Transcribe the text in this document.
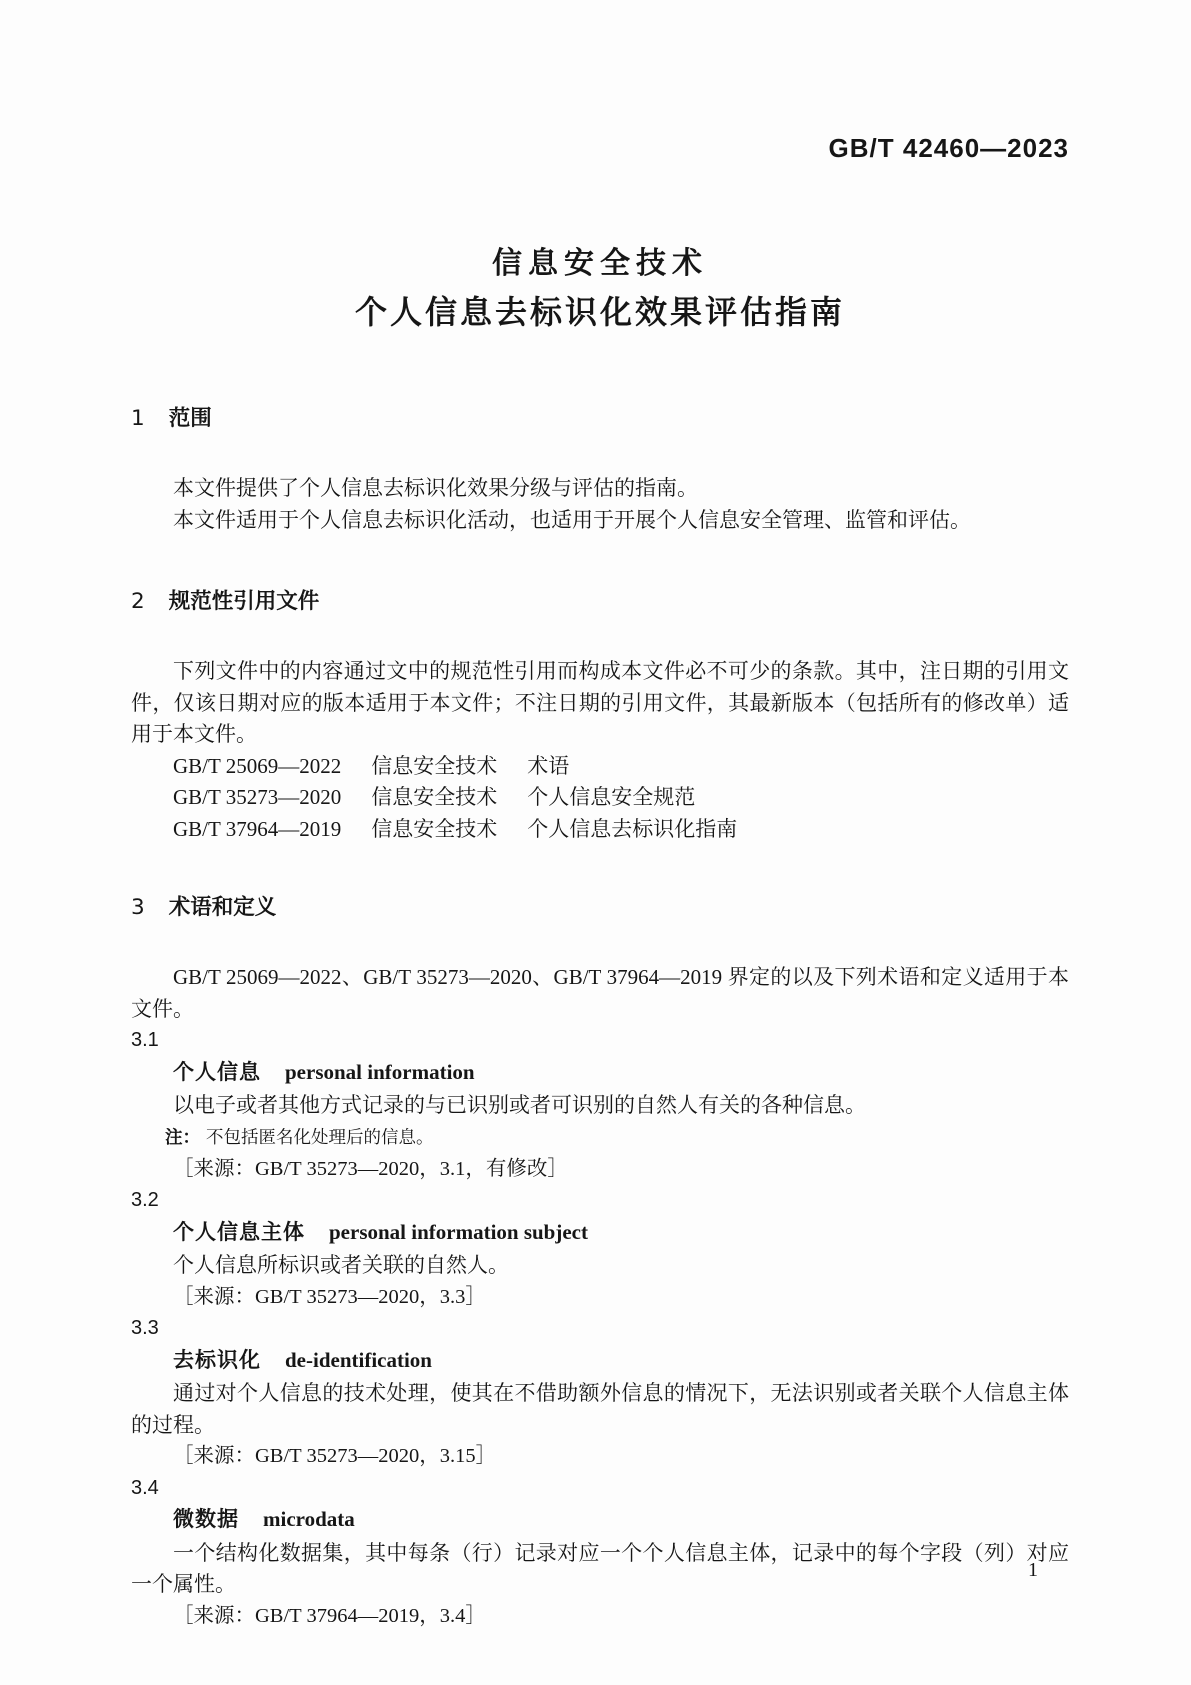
GB/T 42460—2023
信息安全技术
个人信息去标识化效果评估指南
1 范围

本文件提供了个人信息去标识化效果分级与评估的指南。

本文件适用于个人信息去标识化活动，也适用于开展个人信息安全管理、监管和评估。

2 规范性引用文件

下列文件中的内容通过文中的规范性引用而构成本文件必不可少的条款。其中，注日期的引用文件，仅该日期对应的版本适用于本文件；不注日期的引用文件，其最新版本（包括所有的修改单）适用于本文件。

GB/T 25069—2022 信息安全技术 术语
GB/T 35273—2020 信息安全技术 个人信息安全规范
GB/T 37964—2019 信息安全技术 个人信息去标识化指南
3 术语和定义

GB/T 25069—2022、GB/T 35273—2020、GB/T 37964—2019 界定的以及下列术语和定义适用于本文件。

3.1
个人信息 personal information

以电子或者其他方式记录的与已识别或者可识别的自然人有关的各种信息。

注： 不包括匿名化处理后的信息。
［来源：GB/T 35273—2020，3.1，有修改］
3.2
个人信息主体 personal information subject

个人信息所标识或者关联的自然人。

［来源：GB/T 35273—2020，3.3］
3.3
去标识化 de-identification

通过对个人信息的技术处理，使其在不借助额外信息的情况下，无法识别或者关联个人信息主体的过程。

［来源：GB/T 35273—2020，3.15］
3.4
微数据 microdata

一个结构化数据集，其中每条（行）记录对应一个个人信息主体，记录中的每个字段（列）对应一个属性。

［来源：GB/T 37964—2019，3.4］
1
